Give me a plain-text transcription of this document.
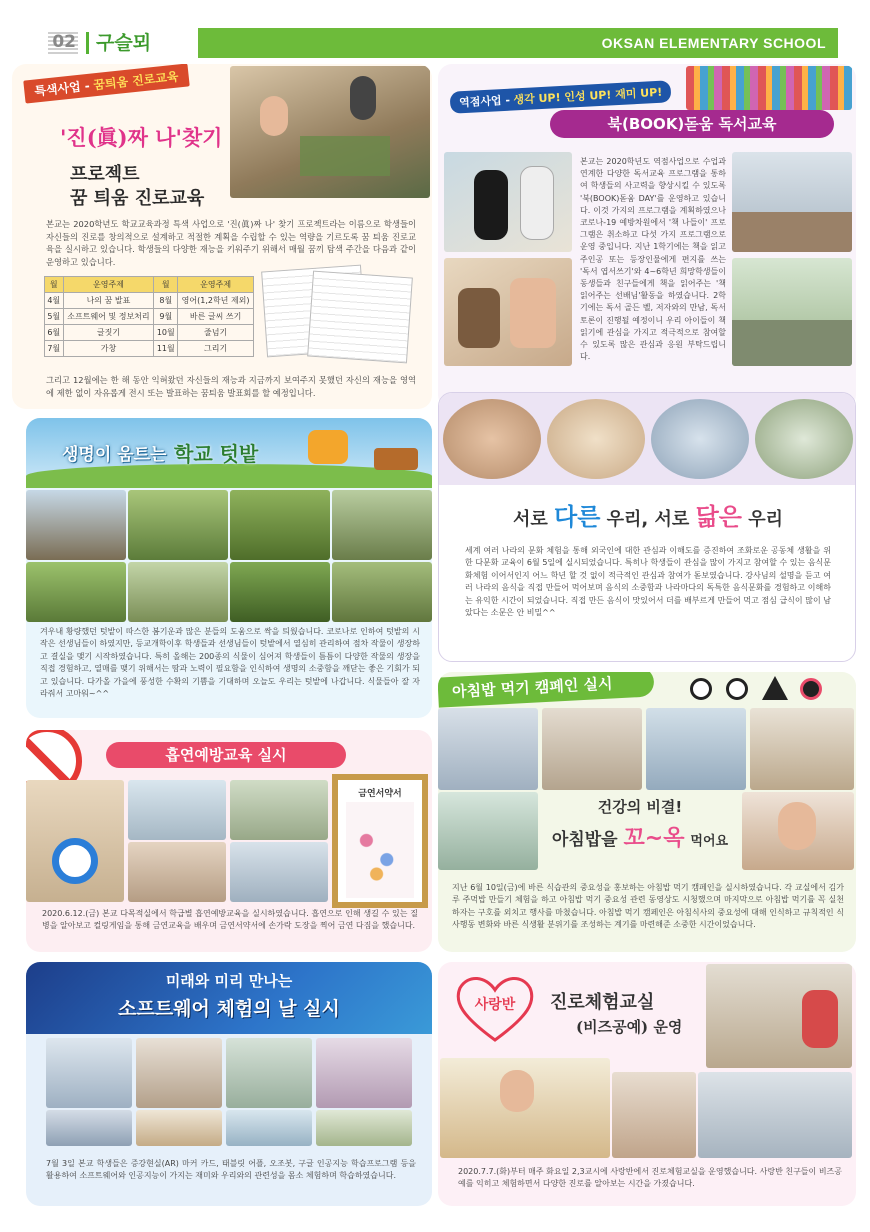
02 구슬뫼	OKSAN ELEMENTARY SCHOOL
특색사업 - 꿈틔움 진로교육
'진(眞)짜 나'찾기
프로젝트
꿈 틔움 진로교육
본교는 2020학년도 학교교육과정 특색 사업으로 '진(眞)짜 나' 찾기 프로젝트라는 이름으로 학생들이 자신들의 진로를 창의적으로 설계하고 적절한 계획을 수립할 수 있는 역량을 기르도록 꿈 틔움 진로교육을 실시하고 있습니다. 학생들의 다양한 재능을 키워주기 위해서 매월 꿈끼 탐색 주간을 다음과 같이 운영하고 있습니다.
월	운영주제	월	운영주제
4월	나의 꿈 발표	8월	영어(1,2학년 제외)
5월	소프트웨어 및 정보처리	9월	바른 글씨 쓰기
6월	글짓기	10월	줄넘기
7월	가창	11월	그리기
그리고 12월에는 한 해 동안 익혀왔던 자신들의 재능과 지금까지 보여주지 못했던 자신의 재능을 영역에 제한 없이 자유롭게 전시 또는 발표하는 꿈틔움 발표회를 할 예정입니다.
역점사업 - 생각 UP! 인성 UP! 재미 UP!
북(BOOK)돋움 독서교육
본교는 2020학년도 역점사업으로 수업과 연계한 다양한 독서교육 프로그램을 통하여 학생들의 사고력을 향상시킬 수 있도록 '북(BOOK)돋움 DAY'를 운영하고 있습니다. 이것 가지의 프로그램을 계획하였으나 코로나-19 예방차원에서 '책 나들이' 프로그램은 취소하고 다섯 가지 프로그램으로 운영 중입니다. 지난 1학기에는 책을 읽고 주인공 또는 등장인물에게 편지를 쓰는 '독서 엽서쓰기'와 4~6학년 희망학생들이 동생들과 친구들에게 책을 읽어주는 '책 읽어주는 선배님'활동을 하였습니다. 2학기에는 독서 골든 벨, 저자와의 만남, 독서 토론이 진행될 예정이니 우리 아이들이 책 읽기에 관심을 가지고 적극적으로 참여할 수 있도록 많은 관심과 응원 부탁드립니다.
생명이 움트는 학교 텃밭
겨우내 황량했던 텃밭이 따스한 봄기운과 많은 분들의 도움으로 싹을 틔웠습니다. 코로나로 인하여 텃밭의 시작은 선생님들이 하였지만, 등교개학이후 학생들과 선생님들이 텃밭에서 열심히 관리하여 점차 작물이 생장하고 결실을 맺기 시작하였습니다. 특히 올해는 200종의 식물이 심어져 학생들이 틈틈이 다양한 작물의 생장을 직접 경험하고, 열매를 맺기 위해서는 땀과 노력이 필요함을 인식하여 생명의 소중함을 깨닫는 좋은 기회가 되고 있습니다. 다가올 가을에 풍성한 수확의 기쁨을 기대하며 오늘도 우리는 텃밭에 나갑니다. 식물들아 잘 자라줘서 고마워~^^
서로 다른 우리, 서로 닮은 우리
세계 여러 나라의 문화 체험을 통해 외국인에 대한 관심과 이해도를 증진하여 조화로운 공동체 생활을 위한 다문화 교육이 6월 5일에 실시되었습니다. 특히나 학생들이 관심을 많이 가지고 참여할 수 있는 음식문화체험 이어서인지 어느 학년 할 것 없이 적극적인 관심과 참여가 돋보였습니다. 강사님의 설명을 듣고 여러 나라의 음식을 직접 만들어 먹어보며 음식의 소중함과 나라마다의 독특한 음식문화를 경험하고 이해하는 유익한 시간이 되었습니다. 직접 만든 음식이 맛있어서 더를 배부르게 만들어 먹고 점심 급식이 많이 남았다는 소문은 안 비밀^^
흡연예방교육 실시
금연서약서
2020.6.12.(금) 본교 다목적실에서 학급별 흡연예방교육을 실시하였습니다. 흡연으로 인해 생길 수 있는 질병을 알아보고 컬링게임을 통해 금연교육을 배우며 금연서약서에 손가락 도장을 찍어 금연 다짐을 했습니다.
아침밥 먹기 캠페인 실시
건강의 비결!
아침밥을 꼬~옥 먹어요
지난 6월 10일(금)에 바른 식습관의 중요성을 홍보하는 아침밥 먹기 캠페인을 실시하였습니다. 각 교실에서 김가루 주먹밥 만들기 체험을 하고 아침밥 먹기 중요성 관련 동영상도 시청했으며 마지막으로 아침밥 먹기를 꼭 실천하자는 구호를 외치고 행사를 마쳤습니다. 아침밥 먹기 캠페인은 아침식사의 중요성에 대해 인식하고 규칙적인 식사행동 변화와 바른 식생활 분위기를 조성하는 계기를 마련해준 소중한 시간이었습니다.
미래와 미리 만나는
소프트웨어 체험의 날 실시
7월 3일 본교 학생들은 증강현실(AR) 마커 카드, 태블릿 어플, 오조봇, 구글 인공지능 학습프로그램 등을 활용하여 소프트웨어와 인공지능이 가지는 재미와 우리와의 관련성을 몸소 체험하며 학습하였습니다.
사랑반	진로체험교실
(비즈공예) 운영
2020.7.7.(화)부터 매주 화요일 2,3교시에 사랑반에서 진로체험교실을 운영했습니다. 사랑반 친구들이 비즈공예를 익히고 체험하면서 다양한 진로를 알아보는 시간을 가졌습니다.
